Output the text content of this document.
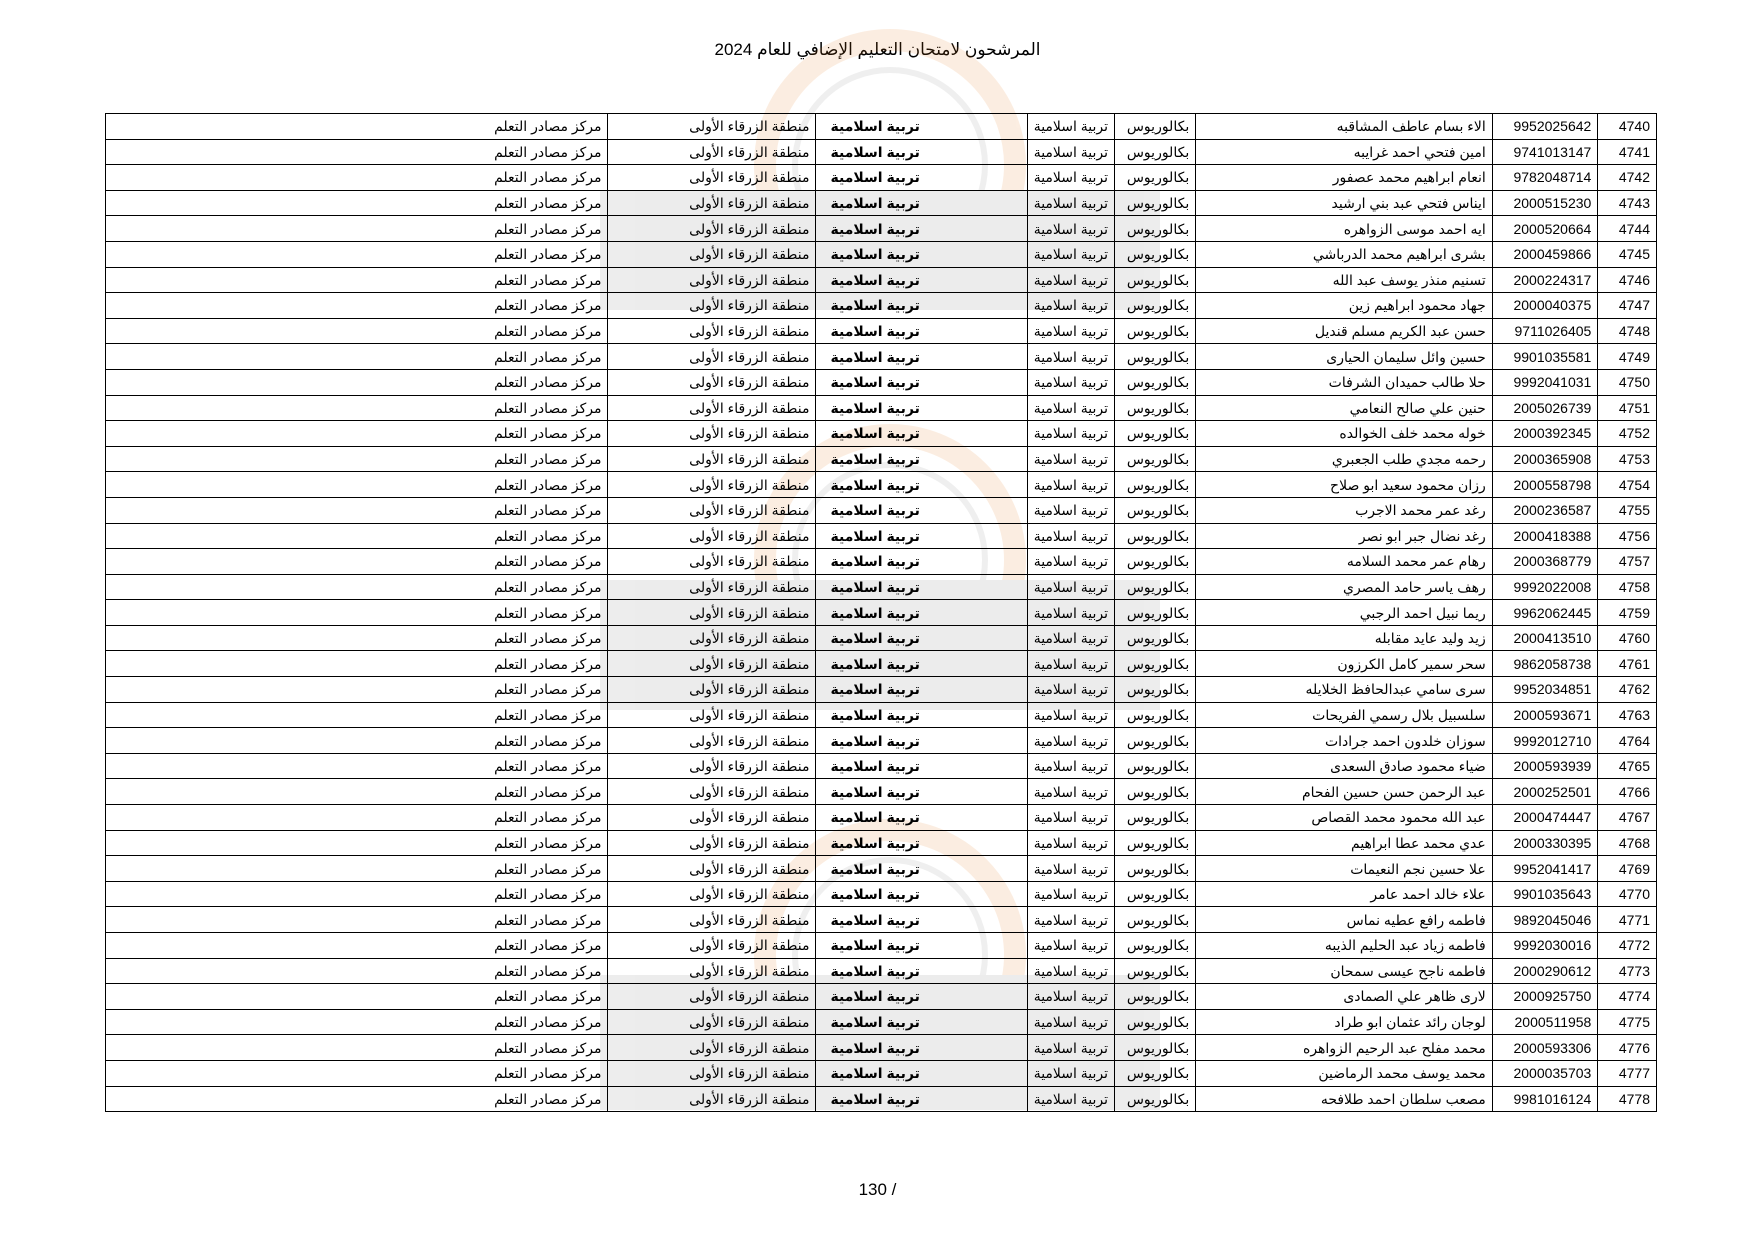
المرشحون لامتحان التعليم الإضافي للعام 2024
4740	9952025642	الاء بسام عاطف المشاقبه	بكالوريوس	تربية اسلامية	تربية اسلامية	منطقة الزرقاء الأولى	مركز مصادر التعلم
4741	9741013147	امين فتحي احمد غرايبه	بكالوريوس	تربية اسلامية	تربية اسلامية	منطقة الزرقاء الأولى	مركز مصادر التعلم
4742	9782048714	انعام ابراهيم محمد عصفور	بكالوريوس	تربية اسلامية	تربية اسلامية	منطقة الزرقاء الأولى	مركز مصادر التعلم
4743	2000515230	ايناس فتحي عبد بني ارشيد	بكالوريوس	تربية اسلامية	تربية اسلامية	منطقة الزرقاء الأولى	مركز مصادر التعلم
4744	2000520664	ايه احمد موسى الزواهره	بكالوريوس	تربية اسلامية	تربية اسلامية	منطقة الزرقاء الأولى	مركز مصادر التعلم
4745	2000459866	بشرى ابراهيم محمد الدرباشي	بكالوريوس	تربية اسلامية	تربية اسلامية	منطقة الزرقاء الأولى	مركز مصادر التعلم
4746	2000224317	تسنيم منذر يوسف عبد الله	بكالوريوس	تربية اسلامية	تربية اسلامية	منطقة الزرقاء الأولى	مركز مصادر التعلم
4747	2000040375	جهاد محمود ابراهيم زين	بكالوريوس	تربية اسلامية	تربية اسلامية	منطقة الزرقاء الأولى	مركز مصادر التعلم
4748	9711026405	حسن عبد الكريم مسلم قنديل	بكالوريوس	تربية اسلامية	تربية اسلامية	منطقة الزرقاء الأولى	مركز مصادر التعلم
4749	9901035581	حسين وائل سليمان الحيارى	بكالوريوس	تربية اسلامية	تربية اسلامية	منطقة الزرقاء الأولى	مركز مصادر التعلم
4750	9992041031	حلا طالب حميدان الشرفات	بكالوريوس	تربية اسلامية	تربية اسلامية	منطقة الزرقاء الأولى	مركز مصادر التعلم
4751	2005026739	حنين علي صالح النعامي	بكالوريوس	تربية اسلامية	تربية اسلامية	منطقة الزرقاء الأولى	مركز مصادر التعلم
4752	2000392345	خوله محمد خلف الخوالده	بكالوريوس	تربية اسلامية	تربية اسلامية	منطقة الزرقاء الأولى	مركز مصادر التعلم
4753	2000365908	رحمه مجدي طلب الجعبري	بكالوريوس	تربية اسلامية	تربية اسلامية	منطقة الزرقاء الأولى	مركز مصادر التعلم
4754	2000558798	رزان محمود سعيد ابو صلاح	بكالوريوس	تربية اسلامية	تربية اسلامية	منطقة الزرقاء الأولى	مركز مصادر التعلم
4755	2000236587	رغد عمر محمد الاجرب	بكالوريوس	تربية اسلامية	تربية اسلامية	منطقة الزرقاء الأولى	مركز مصادر التعلم
4756	2000418388	رغد نضال جبر ابو نصر	بكالوريوس	تربية اسلامية	تربية اسلامية	منطقة الزرقاء الأولى	مركز مصادر التعلم
4757	2000368779	رهام عمر محمد السلامه	بكالوريوس	تربية اسلامية	تربية اسلامية	منطقة الزرقاء الأولى	مركز مصادر التعلم
4758	9992022008	رهف ياسر حامد المصري	بكالوريوس	تربية اسلامية	تربية اسلامية	منطقة الزرقاء الأولى	مركز مصادر التعلم
4759	9962062445	ريما نبيل احمد الرجبي	بكالوريوس	تربية اسلامية	تربية اسلامية	منطقة الزرقاء الأولى	مركز مصادر التعلم
4760	2000413510	زيد وليد عايد مقابله	بكالوريوس	تربية اسلامية	تربية اسلامية	منطقة الزرقاء الأولى	مركز مصادر التعلم
4761	9862058738	سحر سمير كامل الكرزون	بكالوريوس	تربية اسلامية	تربية اسلامية	منطقة الزرقاء الأولى	مركز مصادر التعلم
4762	9952034851	سرى سامي عبدالحافظ الخلايله	بكالوريوس	تربية اسلامية	تربية اسلامية	منطقة الزرقاء الأولى	مركز مصادر التعلم
4763	2000593671	سلسبيل بلال رسمي الفريحات	بكالوريوس	تربية اسلامية	تربية اسلامية	منطقة الزرقاء الأولى	مركز مصادر التعلم
4764	9992012710	سوزان خلدون احمد جرادات	بكالوريوس	تربية اسلامية	تربية اسلامية	منطقة الزرقاء الأولى	مركز مصادر التعلم
4765	2000593939	ضياء محمود صادق السعدى	بكالوريوس	تربية اسلامية	تربية اسلامية	منطقة الزرقاء الأولى	مركز مصادر التعلم
4766	2000252501	عبد الرحمن حسن حسين الفحام	بكالوريوس	تربية اسلامية	تربية اسلامية	منطقة الزرقاء الأولى	مركز مصادر التعلم
4767	2000474447	عبد الله محمود محمد القصاص	بكالوريوس	تربية اسلامية	تربية اسلامية	منطقة الزرقاء الأولى	مركز مصادر التعلم
4768	2000330395	عدي محمد عطا ابراهيم	بكالوريوس	تربية اسلامية	تربية اسلامية	منطقة الزرقاء الأولى	مركز مصادر التعلم
4769	9952041417	علا حسين نجم النعيمات	بكالوريوس	تربية اسلامية	تربية اسلامية	منطقة الزرقاء الأولى	مركز مصادر التعلم
4770	9901035643	علاء خالد احمد عامر	بكالوريوس	تربية اسلامية	تربية اسلامية	منطقة الزرقاء الأولى	مركز مصادر التعلم
4771	9892045046	فاطمه رافع عطيه نماس	بكالوريوس	تربية اسلامية	تربية اسلامية	منطقة الزرقاء الأولى	مركز مصادر التعلم
4772	9992030016	فاطمه زياد عبد الحليم الذيبه	بكالوريوس	تربية اسلامية	تربية اسلامية	منطقة الزرقاء الأولى	مركز مصادر التعلم
4773	2000290612	فاطمه ناجح عيسى سمحان	بكالوريوس	تربية اسلامية	تربية اسلامية	منطقة الزرقاء الأولى	مركز مصادر التعلم
4774	2000925750	لارى ظاهر علي الصمادى	بكالوريوس	تربية اسلامية	تربية اسلامية	منطقة الزرقاء الأولى	مركز مصادر التعلم
4775	2000511958	لوجان رائد عثمان ابو طراد	بكالوريوس	تربية اسلامية	تربية اسلامية	منطقة الزرقاء الأولى	مركز مصادر التعلم
4776	2000593306	محمد مفلح عبد الرحيم الزواهره	بكالوريوس	تربية اسلامية	تربية اسلامية	منطقة الزرقاء الأولى	مركز مصادر التعلم
4777	2000035703	محمد يوسف محمد الرماضين	بكالوريوس	تربية اسلامية	تربية اسلامية	منطقة الزرقاء الأولى	مركز مصادر التعلم
4778	9981016124	مصعب سلطان احمد طلافحه	بكالوريوس	تربية اسلامية	تربية اسلامية	منطقة الزرقاء الأولى	مركز مصادر التعلم
130 /
